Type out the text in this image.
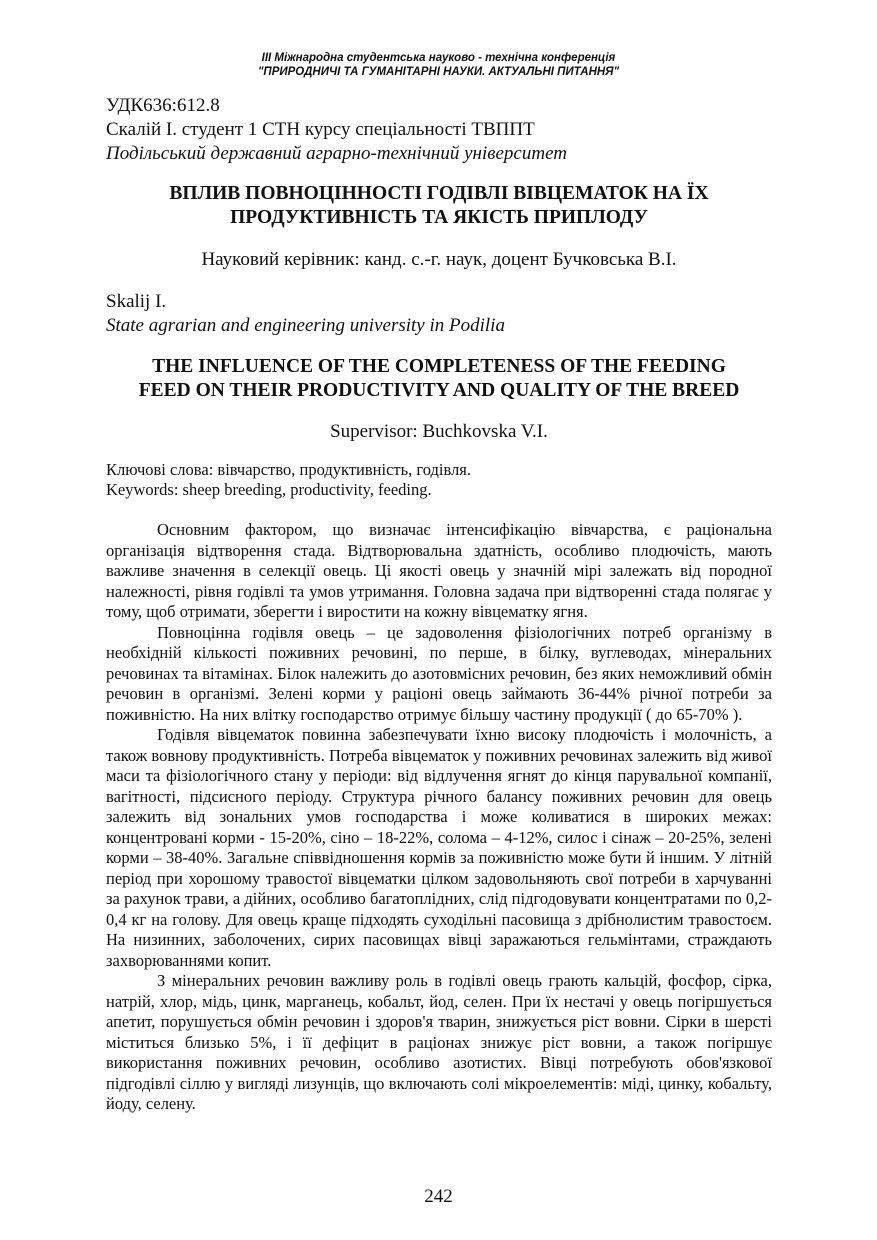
ІІІ Міжнародна студентська науково - технічна конференція
"ПРИРОДНИЧІ ТА ГУМАНІТАРНІ НАУКИ. АКТУАЛЬНІ ПИТАННЯ"

УДК636:612.8

Скалій І. студент 1 СТН курсу спеціальності ТВППТ

Подільський державний аграрно-технічний університет

ВПЛИВ ПОВНОЦІННОСТІ ГОДІВЛІ ВІВЦЕМАТОК НА ЇХ

ПРОДУКТИВНІСТЬ ТА ЯКІСТЬ ПРИПЛОДУ

Науковий керівник: канд. с.-г. наук, доцент Бучковська В.І.

Skalij I.

State agrarian and engineering university in Podilia

THE INFLUENCE OF THE COMPLETENESS OF THE FEEDING

FEED ON THEIR PRODUCTIVITY AND QUALITY OF THE BREED

Supervisor: Buchkovska V.I.

Ключові слова: вівчарство, продуктивність, годівля.

Keywords: sheep breeding, productivity, feeding.

Основним фактором, що визначає інтенсифікацію вівчарства, є раціональна організація відтворення стада. Відтворювальна здатність, особливо плодючість, мають важливе значення в селекції овець. Ці якості овець у значній мірі залежать від породної належності, рівня годівлі та умов утримання. Головна задача при відтворенні стада полягає у тому, щоб отримати, зберегти і виростити на кожну вівцематку ягня.

Повноцінна годівля овець – це задоволення фізіологічних потреб організму в необхідній кількості поживних речовині, по перше, в білку, вуглеводах, мінеральних речовинах та вітамінах. Білок належить до азотовмісних речовин, без яких неможливий обмін речовин в організмі. Зелені корми у раціоні овець займають 36-44% річної потреби за поживністю. На них влітку господарство отримує більшу частину продукції ( до 65-70% ).

Годівля вівцематок повинна забезпечувати їхню високу плодючість і молочність, а також вовнову продуктивність. Потреба вівцематок у поживних речовинах залежить від живої маси та фізіологічного стану у періоди: від відлучення ягнят до кінця парувальної компанії, вагітності, підсисного періоду. Структура річного балансу поживних речовин для овець залежить від зональних умов господарства і може коливатися в широких межах: концентровані корми - 15-20%, сіно – 18-22%, солома – 4-12%, силос і сінаж – 20-25%, зелені корми – 38-40%. Загальне співвідношення кормів за поживністю може бути й іншим. У літній період при хорошому травостої вівцематки цілком задовольняють свої потреби в харчуванні за рахунок трави, а дійних, особливо багатоплідних, слід підгодовувати концентратами по 0,2-0,4 кг на голову. Для овець краще підходять суходільні пасовища з дрібнолистим травостоєм. На низинних, заболочених, сирих пасовищах вівці заражаються гельмінтами, страждають захворюваннями копит.

З мінеральних речовин важливу роль в годівлі овець грають кальцій, фосфор, сірка, натрій, хлор, мідь, цинк, марганець, кобальт, йод, селен. При їх нестачі у овець погіршується апетит, порушується обмін речовин і здоров'я тварин, знижується ріст вовни. Сірки в шерсті міститься близько 5%, і її дефіцит в раціонах знижує ріст вовни, а також погіршує використання поживних речовин, особливо азотистих. Вівці потребують обов'язкової підгодівлі сіллю у вигляді лизунців, що включають солі мікроелементів: міді, цинку, кобальту, йоду, селену.

242
